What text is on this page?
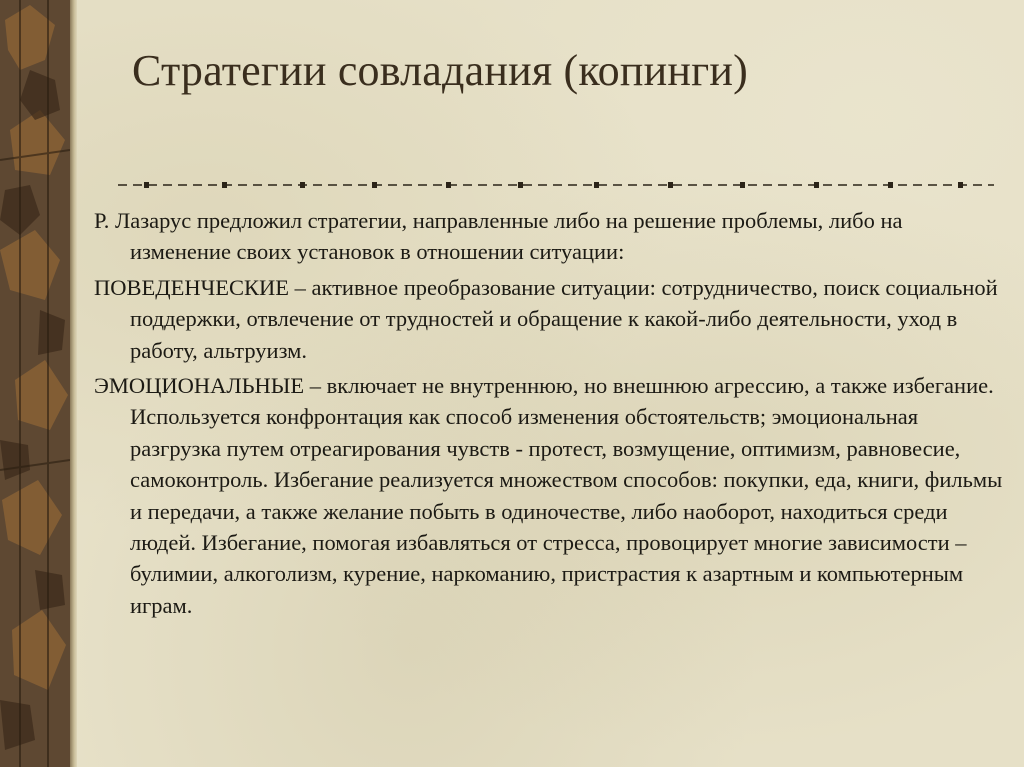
Стратегии совладания (копинги)

Р. Лазарус предложил стратегии, направленные либо на решение проблемы, либо на изменение своих установок в отношении ситуации:

ПОВЕДЕНЧЕСКИЕ – активное преобразование ситуации: сотрудничество, поиск социальной поддержки, отвлечение от трудностей и обращение к какой-либо деятельности, уход в работу, альтруизм.

ЭМОЦИОНАЛЬНЫЕ – включает не внутреннюю, но внешнюю агрессию, а также избегание. Используется конфронтация как способ изменения обстоятельств; эмоциональная разгрузка путем отреагирования чувств - протест, возмущение, оптимизм, равновесие, самоконтроль. Избегание реализуется множеством способов: покупки, еда, книги, фильмы и передачи, а также желание побыть в одиночестве, либо наоборот, находиться среди людей. Избегание, помогая избавляться от стресса, провоцирует многие зависимости – булимии, алкоголизм, курение, наркоманию, пристрастия к азартным и компьютерным играм.
